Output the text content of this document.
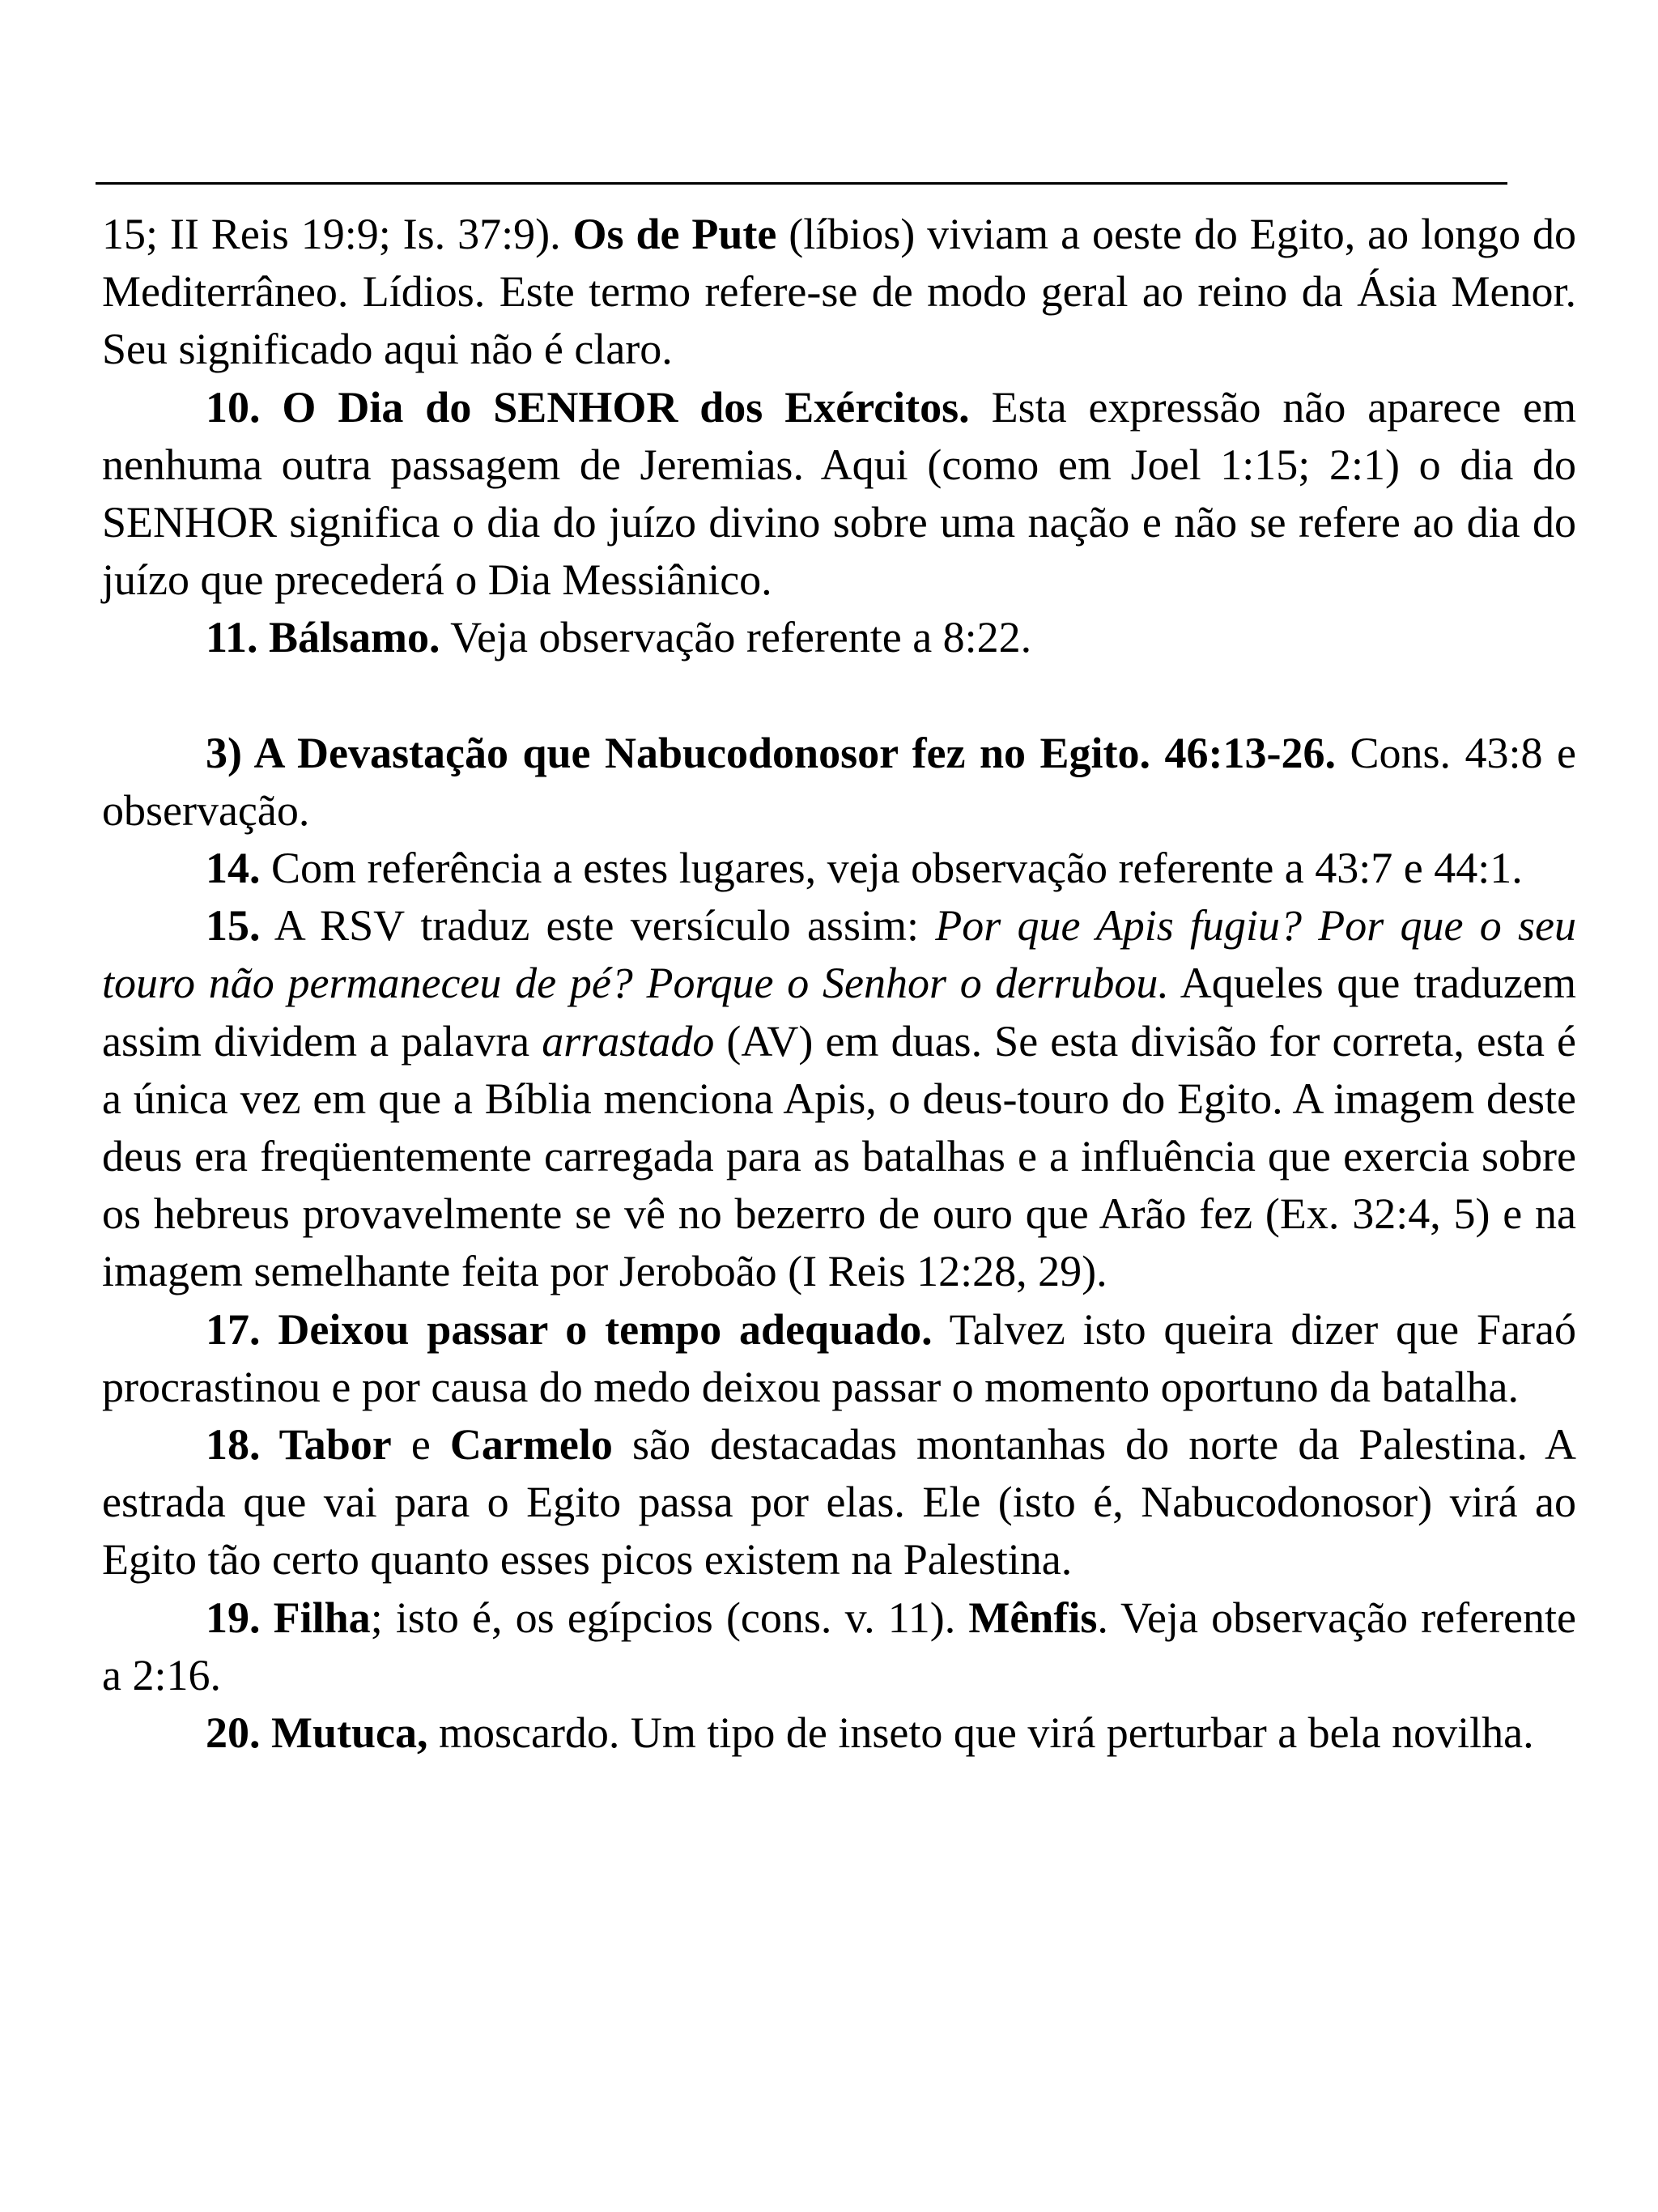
15; II Reis 19:9; Is. 37:9). Os de Pute (líbios) viviam a oeste do Egito, ao longo do Mediterrâneo. Lídios. Este termo refere-se de modo geral ao reino da Ásia Menor. Seu significado aqui não é claro.

10. O Dia do SENHOR dos Exércitos. Esta expressão não aparece em nenhuma outra passagem de Jeremias. Aqui (como em Joel 1:15; 2:1) o dia do SENHOR significa o dia do juízo divino sobre uma nação e não se refere ao dia do juízo que precederá o Dia Messiânico.

11. Bálsamo. Veja observação referente a 8:22.

3) A Devastação que Nabucodonosor fez no Egito. 46:13-26. Cons. 43:8 e observação.

14. Com referência a estes lugares, veja observação referente a 43:7 e 44:1.

15. A RSV traduz este versículo assim: Por que Apis fugiu? Por que o seu touro não permaneceu de pé? Porque o Senhor o derrubou. Aqueles que traduzem assim dividem a palavra arrastado (AV) em duas. Se esta divisão for correta, esta é a única vez em que a Bíblia menciona Apis, o deus-touro do Egito. A imagem deste deus era freqüentemente carregada para as batalhas e a influência que exercia sobre os hebreus provavelmente se vê no bezerro de ouro que Arão fez (Ex. 32:4, 5) e na imagem semelhante feita por Jeroboão (I Reis 12:28, 29).

17. Deixou passar o tempo adequado. Talvez isto queira dizer que Faraó procrastinou e por causa do medo deixou passar o momento oportuno da batalha.

18. Tabor e Carmelo são destacadas montanhas do norte da Palestina. A estrada que vai para o Egito passa por elas. Ele (isto é, Nabucodonosor) virá ao Egito tão certo quanto esses picos existem na Palestina.

19. Filha; isto é, os egípcios (cons. v. 11). Mênfis. Veja observação referente a 2:16.

20. Mutuca, moscardo. Um tipo de inseto que virá perturbar a bela novilha.
